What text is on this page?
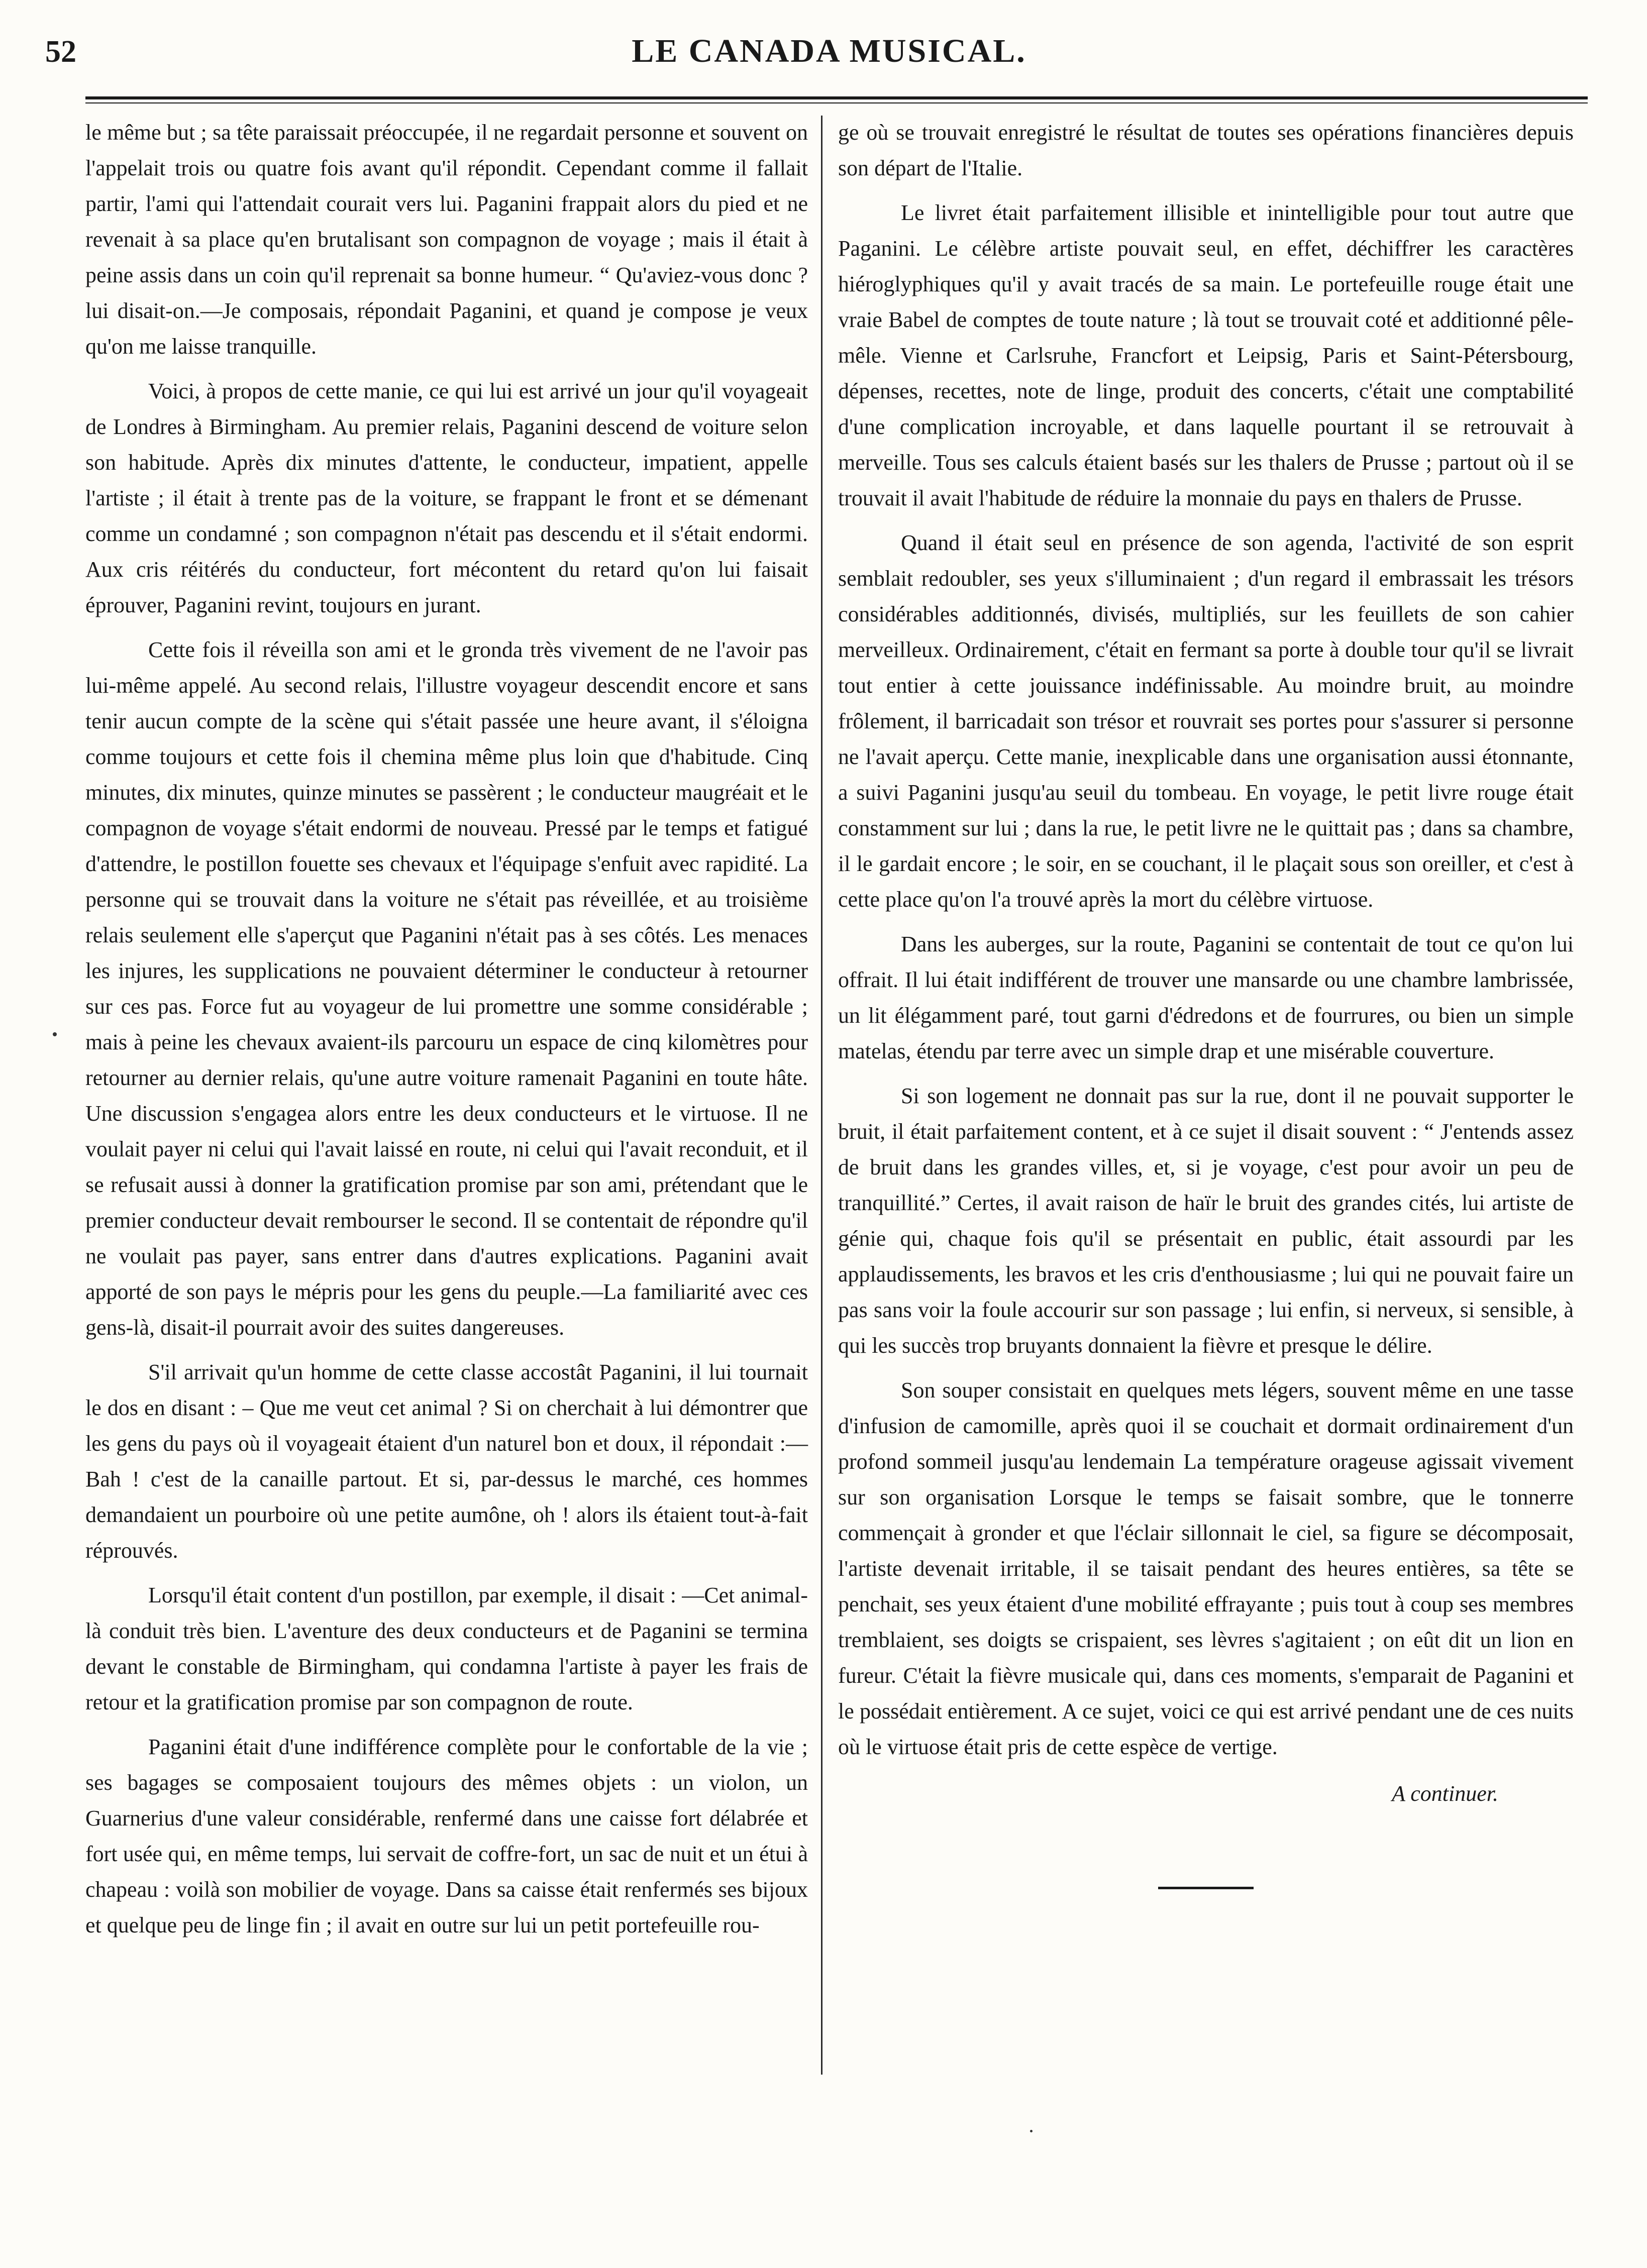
52	LE CANADA MUSICAL.

le même but ; sa tête paraissait préoccupée, il ne regardait personne et souvent on l'appelait trois ou quatre fois avant qu'il répondit. Cependant comme il fallait partir, l'ami qui l'attendait courait vers lui. Paganini frappait alors du pied et ne revenait à sa place qu'en brutalisant son compagnon de voyage ; mais il était à peine assis dans un coin qu'il reprenait sa bonne humeur. “ Qu'aviez-vous donc ? lui disait-on.—Je composais, répondait Paganini, et quand je compose je veux qu'on me laisse tranquille.

Voici, à propos de cette manie, ce qui lui est arrivé un jour qu'il voyageait de Londres à Birmingham. Au premier relais, Paganini descend de voiture selon son habitude. Après dix minutes d'attente, le conducteur, impatient, appelle l'artiste ; il était à trente pas de la voiture, se frappant le front et se démenant comme un condamné ; son compagnon n'était pas descendu et il s'était endormi. Aux cris réitérés du conducteur, fort mécontent du retard qu'on lui faisait éprouver, Paganini revint, toujours en jurant.

Cette fois il réveilla son ami et le gronda très vivement de ne l'avoir pas lui-même appelé. Au second relais, l'illustre voyageur descendit encore et sans tenir aucun compte de la scène qui s'était passée une heure avant, il s'éloigna comme toujours et cette fois il chemina même plus loin que d'habitude. Cinq minutes, dix minutes, quinze minutes se passèrent ; le conducteur maugréait et le compagnon de voyage s'était endormi de nouveau. Pressé par le temps et fatigué d'attendre, le postillon fouette ses chevaux et l'équipage s'enfuit avec rapidité. La personne qui se trouvait dans la voiture ne s'était pas réveillée, et au troisième relais seulement elle s'aperçut que Paganini n'était pas à ses côtés. Les menaces les injures, les supplications ne pouvaient déterminer le conducteur à retourner sur ces pas. Force fut au voyageur de lui promettre une somme considérable ; mais à peine les chevaux avaient-ils parcouru un espace de cinq kilomètres pour retourner au dernier relais, qu'une autre voiture ramenait Paganini en toute hâte. Une discussion s'engagea alors entre les deux conducteurs et le virtuose. Il ne voulait payer ni celui qui l'avait laissé en route, ni celui qui l'avait reconduit, et il se refusait aussi à donner la gratification promise par son ami, prétendant que le premier conducteur devait rembourser le second. Il se contentait de répondre qu'il ne voulait pas payer, sans entrer dans d'autres explications. Paganini avait apporté de son pays le mépris pour les gens du peuple.—La familiarité avec ces gens-là, disait-il pourrait avoir des suites dangereuses.

S'il arrivait qu'un homme de cette classe accostât Paganini, il lui tournait le dos en disant : – Que me veut cet animal ? Si on cherchait à lui démontrer que les gens du pays où il voyageait étaient d'un naturel bon et doux, il répondait :—Bah ! c'est de la canaille partout. Et si, par-dessus le marché, ces hommes demandaient un pourboire où une petite aumône, oh ! alors ils étaient tout-à-fait réprouvés.

Lorsqu'il était content d'un postillon, par exemple, il disait : —Cet animal-là conduit très bien. L'aventure des deux conducteurs et de Paganini se termina devant le constable de Birmingham, qui condamna l'artiste à payer les frais de retour et la gratification promise par son compagnon de route.

Paganini était d'une indifférence complète pour le confortable de la vie ; ses bagages se composaient toujours des mêmes objets : un violon, un Guarnerius d'une valeur considérable, renfermé dans une caisse fort délabrée et fort usée qui, en même temps, lui servait de coffre-fort, un sac de nuit et un étui à chapeau : voilà son mobilier de voyage. Dans sa caisse était renfermés ses bijoux et quelque peu de linge fin ; il avait en outre sur lui un petit portefeuille rou-

ge où se trouvait enregistré le résultat de toutes ses opérations financières depuis son départ de l'Italie.

Le livret était parfaitement illisible et inintelligible pour tout autre que Paganini. Le célèbre artiste pouvait seul, en effet, déchiffrer les caractères hiéroglyphiques qu'il y avait tracés de sa main. Le portefeuille rouge était une vraie Babel de comptes de toute nature ; là tout se trouvait coté et additionné pêle-mêle. Vienne et Carlsruhe, Francfort et Leipsig, Paris et Saint-Pétersbourg, dépenses, recettes, note de linge, produit des concerts, c'était une comptabilité d'une complication incroyable, et dans laquelle pourtant il se retrouvait à merveille. Tous ses calculs étaient basés sur les thalers de Prusse ; partout où il se trouvait il avait l'habitude de réduire la monnaie du pays en thalers de Prusse.

Quand il était seul en présence de son agenda, l'activité de son esprit semblait redoubler, ses yeux s'illuminaient ; d'un regard il embrassait les trésors considérables additionnés, divisés, multipliés, sur les feuillets de son cahier merveilleux. Ordinairement, c'était en fermant sa porte à double tour qu'il se livrait tout entier à cette jouissance indéfinissable. Au moindre bruit, au moindre frôlement, il barricadait son trésor et rouvrait ses portes pour s'assurer si personne ne l'avait aperçu. Cette manie, inexplicable dans une organisation aussi étonnante, a suivi Paganini jusqu'au seuil du tombeau. En voyage, le petit livre rouge était constamment sur lui ; dans la rue, le petit livre ne le quittait pas ; dans sa chambre, il le gardait encore ; le soir, en se couchant, il le plaçait sous son oreiller, et c'est à cette place qu'on l'a trouvé après la mort du célèbre virtuose.

Dans les auberges, sur la route, Paganini se contentait de tout ce qu'on lui offrait. Il lui était indifférent de trouver une mansarde ou une chambre lambrissée, un lit élégamment paré, tout garni d'édredons et de fourrures, ou bien un simple matelas, étendu par terre avec un simple drap et une misérable couverture.

Si son logement ne donnait pas sur la rue, dont il ne pouvait supporter le bruit, il était parfaitement content, et à ce sujet il disait souvent : “ J'entends assez de bruit dans les grandes villes, et, si je voyage, c'est pour avoir un peu de tranquillité.” Certes, il avait raison de haïr le bruit des grandes cités, lui artiste de génie qui, chaque fois qu'il se présentait en public, était assourdi par les applaudissements, les bravos et les cris d'enthousiasme ; lui qui ne pouvait faire un pas sans voir la foule accourir sur son passage ; lui enfin, si nerveux, si sensible, à qui les succès trop bruyants donnaient la fièvre et presque le délire.

Son souper consistait en quelques mets légers, souvent même en une tasse d'infusion de camomille, après quoi il se couchait et dormait ordinairement d'un profond sommeil jusqu'au lendemain La température orageuse agissait vivement sur son organisation Lorsque le temps se faisait sombre, que le tonnerre commençait à gronder et que l'éclair sillonnait le ciel, sa figure se décomposait, l'artiste devenait irritable, il se taisait pendant des heures entières, sa tête se penchait, ses yeux étaient d'une mobilité effrayante ; puis tout à coup ses membres tremblaient, ses doigts se crispaient, ses lèvres s'agitaient ; on eût dit un lion en fureur. C'était la fièvre musicale qui, dans ces moments, s'emparait de Paganini et le possédait entièrement. A ce sujet, voici ce qui est arrivé pendant une de ces nuits où le virtuose était pris de cette espèce de vertige.

A continuer.
